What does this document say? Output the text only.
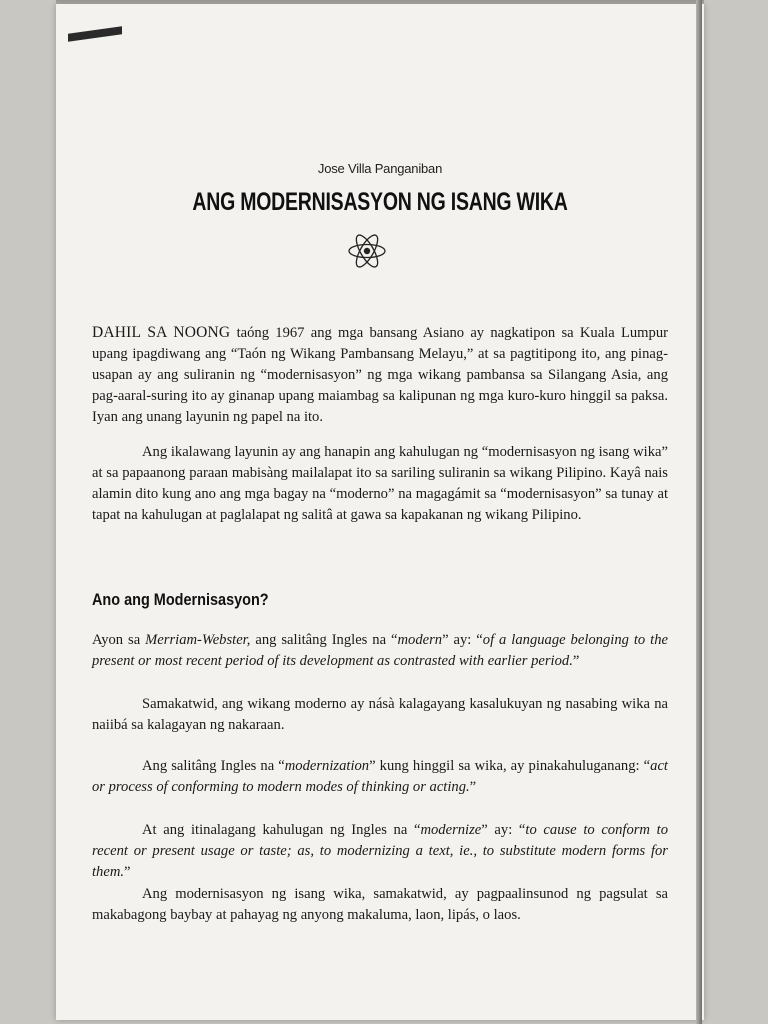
Jose Villa Panganiban
ANG MODERNISASYON NG ISANG WIKA

DAHIL SA NOONG taóng 1967 ang mga bansang Asiano ay nagkatipon sa Kuala Lumpur upang ipagdiwang ang “Taón ng Wikang Pambansang Melayu,” at sa pagtitipong ito, ang pinag-usapan ay ang suliranin ng “modernisasyon” ng mga wikang pambansa sa Silangang Asia, ang pag-aaral-suring ito ay ginanap upang maiambag sa kalipunan ng mga kuro-kuro hinggil sa paksa. Iyan ang unang layunin ng papel na ito.

Ang ikalawang layunin ay ang hanapin ang kahulugan ng “modernisasyon ng isang wika” at sa papaanong paraan mabisàng mailalapat ito sa sariling suliranin sa wikang Pilipino. Kayâ nais alamin dito kung ano ang mga bagay na “moderno” na magagámit sa “modernisasyon” sa tunay at tapat na kahulugan at paglalapat ng salitâ at gawa sa kapakanan ng wikang Pilipino.

Ano ang Modernisasyon?

Ayon sa Merriam-Webster, ang salitâng Ingles na “modern” ay: “of a language belonging to the present or most recent period of its development as contrasted with earlier period.”

Samakatwid, ang wikang moderno ay násà kalagayang kasalukuyan ng nasabing wika na naiibá sa kalagayan ng nakaraan.

Ang salitâng Ingles na “modernization” kung hinggil sa wika, ay pinakahuluganang: “act or process of conforming to modern modes of thinking or acting.”

At ang itinalagang kahulugan ng Ingles na “modernize” ay: “to cause to conform to recent or present usage or taste; as, to modernizing a text, ie., to substitute modern forms for them.”

Ang modernisasyon ng isang wika, samakatwid, ay pagpaalinsunod ng pagsulat sa makabagong baybay at pahayag ng anyong makaluma, laon, lipás, o laos.
